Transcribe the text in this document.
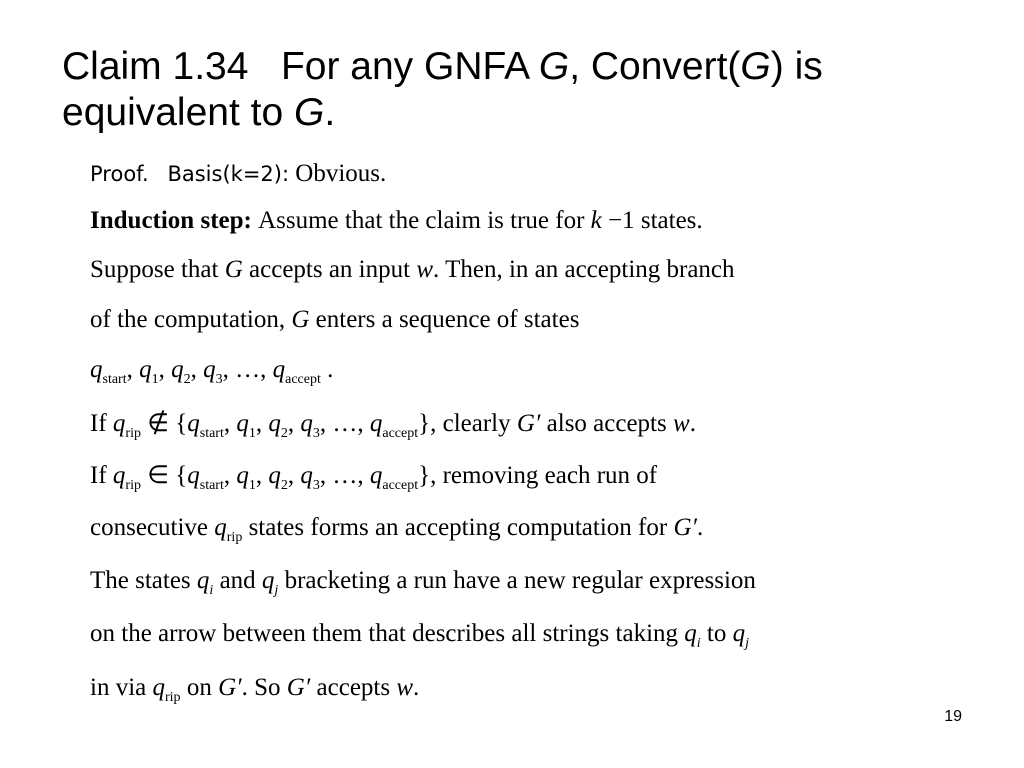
Claim 1.34 For any GNFA G, Convert(G) is
equivalent to G.
Proof. Basis(k=2): Obvious.
Induction step: Assume that the claim is true for k −1 states.
Suppose that G accepts an input w. Then, in an accepting branch
of the computation, G enters a sequence of states
$q_{start}$, $q_1$, $q_2$, $q_3$, …, $q_{accept}$ .
If $q_{rip}$ ∉ {$q_{start}$, $q_1$, $q_2$, $q_3$, …, $q_{accept}$}, clearly G′ also accepts w.
If $q_{rip}$ ∈ {$q_{start}$, $q_1$, $q_2$, $q_3$, …, $q_{accept}$}, removing each run of
consecutive $q_{rip}$ states forms an accepting computation for G′.
The states $q_i$ and $q_j$ bracketing a run have a new regular expression
on the arrow between them that describes all strings taking $q_i$ to $q_j$
in via $q_{rip}$ on G′. So G′ accepts w.
19
